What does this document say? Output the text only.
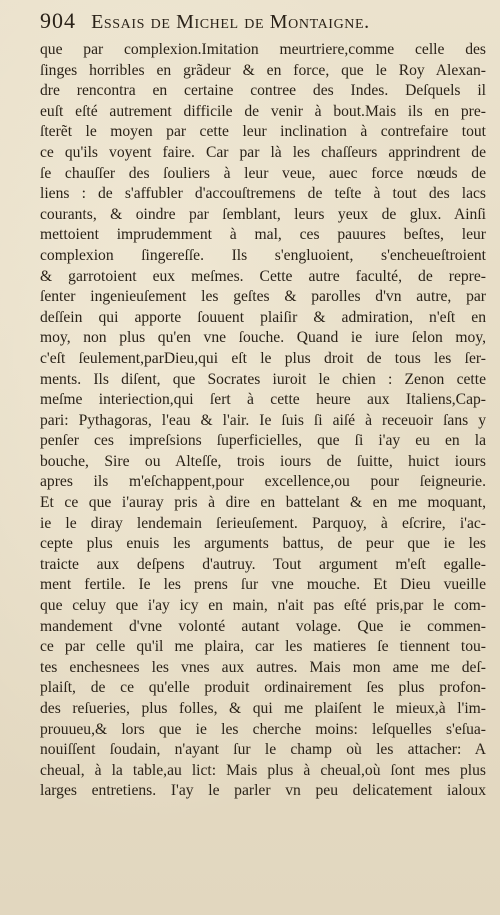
904 Essais de Michel de Montaigne.
que par complexion.Imitation meurtriere,comme celle des
ſinges horribles en grãdeur & en force, que le Roy Alexan-
dre rencontra en certaine contree des Indes. Deſquels il
euſt eſté autrement difficile de venir à bout.Mais ils en pre-
ſterẽt le moyen par cette leur inclination à contrefaire tout
ce qu'ils voyent faire. Car par là les chaſſeurs apprindrent de
ſe chauſſer des ſouliers à leur veue, auec force nœuds de
liens : de s'affubler d'accouſtremens de teſte à tout des lacs
courants, & oindre par ſemblant, leurs yeux de glux. Ainſi
mettoient imprudemment à mal, ces pauures beſtes, leur
complexion ſingereſſe. Ils s'engluoient, s'encheueſtroient
& garrotoient eux meſmes. Cette autre faculté, de repre-
ſenter ingenieuſement les geſtes & parolles d'vn autre, par
deſſein qui apporte ſouuent plaiſir & admiration, n'eſt en
moy, non plus qu'en vne ſouche. Quand ie iure ſelon moy,
c'eſt ſeulement,parDieu,qui eſt le plus droit de tous les ſer-
ments. Ils diſent, que Socrates iuroit le chien : Zenon cette
meſme interiection,qui ſert à cette heure aux Italiens,Cap-
pari: Pythagoras, l'eau & l'air. Ie ſuis ſi aiſé à receuoir ſans y
penſer ces impreſsions ſuperficielles, que ſi i'ay eu en la
bouche, Sire ou Alteſſe, trois iours de ſuitte, huict iours
apres ils m'eſchappent,pour excellence,ou pour ſeigneurie.
Et ce que i'auray pris à dire en battelant & en me moquant,
ie le diray lendemain ſerieuſement. Parquoy, à eſcrire, i'ac-
cepte plus enuis les arguments battus, de peur que ie les
traicte aux deſpens d'autruy. Tout argument m'eſt egalle-
ment fertile. Ie les prens ſur vne mouche. Et Dieu vueille
que celuy que i'ay icy en main, n'ait pas eſté pris,par le com-
mandement d'vne volonté autant volage. Que ie commen-
ce par celle qu'il me plaira, car les matieres ſe tiennent tou-
tes enchesnees les vnes aux autres. Mais mon ame me deſ-
plaiſt, de ce qu'elle produit ordinairement ſes plus profon-
des reſueries, plus folles, & qui me plaiſent le mieux,à l'im-
prouueu,& lors que ie les cherche moins: leſquelles s'eſua-
nouiſſent ſoudain, n'ayant ſur le champ où les attacher: A
cheual, à la table,au lict: Mais plus à cheual,où ſont mes plus
larges entretiens. I'ay le parler vn peu delicatement ialoux
